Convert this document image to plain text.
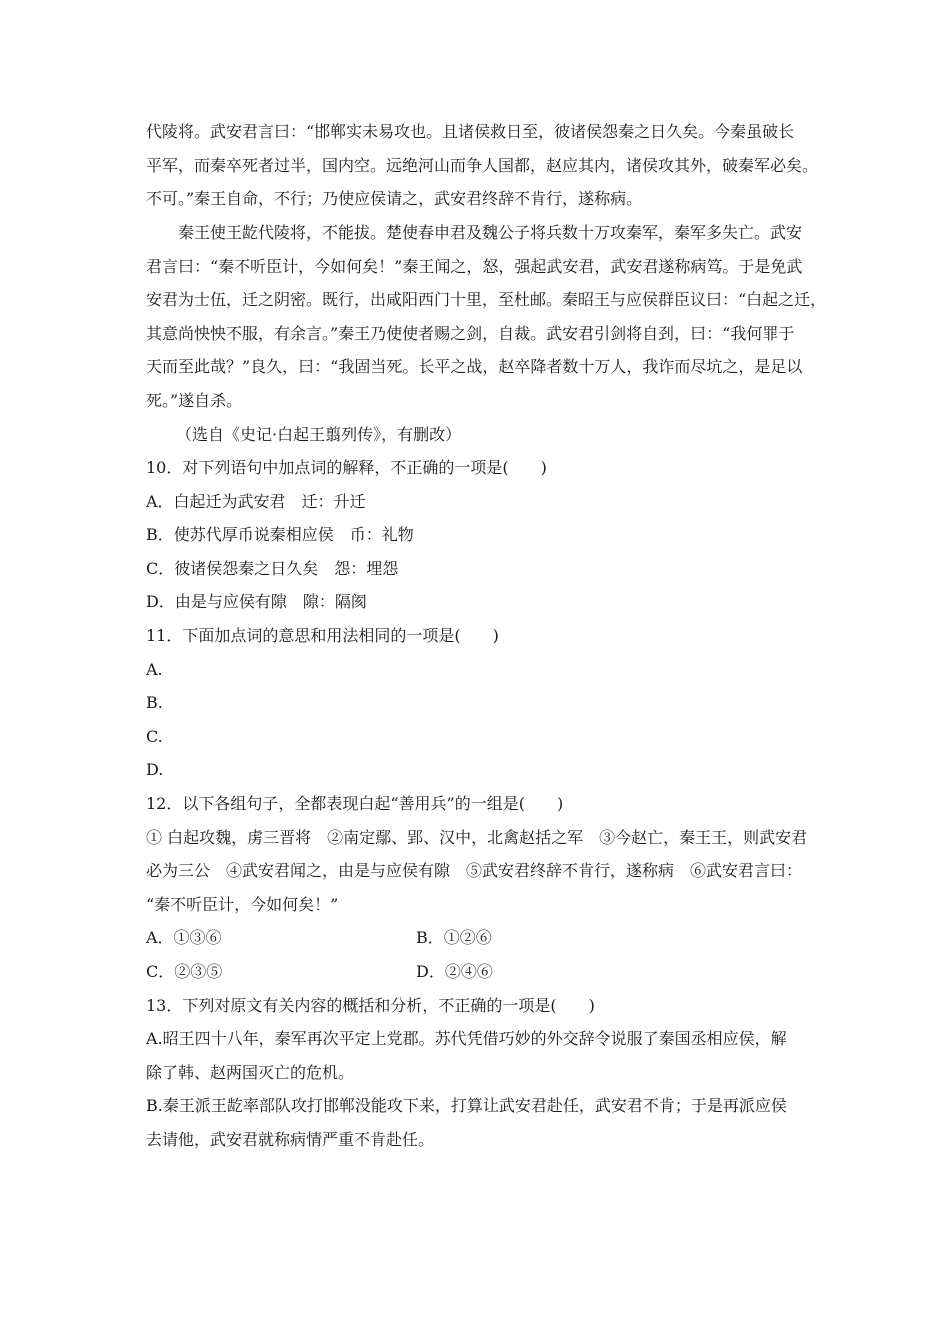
代陵将。武安君言曰：“邯郸实未易攻也。且诸侯救日至，彼诸侯怨秦之日久矣。今秦虽破长
平军，而秦卒死者过半，国内空。远绝河山而争人国都，赵应其内，诸侯攻其外，破秦军必矣。
不可。”秦王自命，不行；乃使应侯请之，武安君终辞不肯行，遂称病。
秦王使王龁代陵将，不能拔。楚使春申君及魏公子将兵数十万攻秦军，秦军多失亡。武安
君言曰：“秦不听臣计，今如何矣！”秦王闻之，怒，强起武安君，武安君遂称病笃。于是免武
安君为士伍，迁之阴密。既行，出咸阳西门十里，至杜邮。秦昭王与应侯群臣议曰：“白起之迁，
其意尚怏怏不服，有余言。”秦王乃使使者赐之剑，自裁。武安君引剑将自刭，曰：“我何罪于
天而至此哉？”良久，曰：“我固当死。长平之战，赵卒降者数十万人，我诈而尽坑之，是足以
死。”遂自杀。
（选自《史记·白起王翦列传》，有删改）
10．对下列语句中加点词的解释，不正确的一项是(　　)
A．白起迁为武安君　迁：升迁
B．使苏代厚币说秦相应侯　币：礼物
C．彼诸侯怨秦之日久矣　怨：埋怨
D．由是与应侯有隙　隙：隔阂
11．下面加点词的意思和用法相同的一项是(　　)
A.
B.
C.
D.
12．以下各组句子，全都表现白起“善用兵”的一组是(　　)
① 白起攻魏，虏三晋将　②南定鄢、郢、汉中，北禽赵括之军　③今赵亡，秦王王，则武安君
必为三公　④武安君闻之，由是与应侯有隙　⑤武安君终辞不肯行，遂称病　⑥武安君言曰：
“秦不听臣计，今如何矣！”
A．①③⑥	B．①②⑥
C．②③⑤	D．②④⑥
13．下列对原文有关内容的概括和分析，不正确的一项是(　　)
A.昭王四十八年，秦军再次平定上党郡。苏代凭借巧妙的外交辞令说服了秦国丞相应侯，解
除了韩、赵两国灭亡的危机。
B.秦王派王龁率部队攻打邯郸没能攻下来，打算让武安君赴任，武安君不肯；于是再派应侯
去请他，武安君就称病情严重不肯赴任。
